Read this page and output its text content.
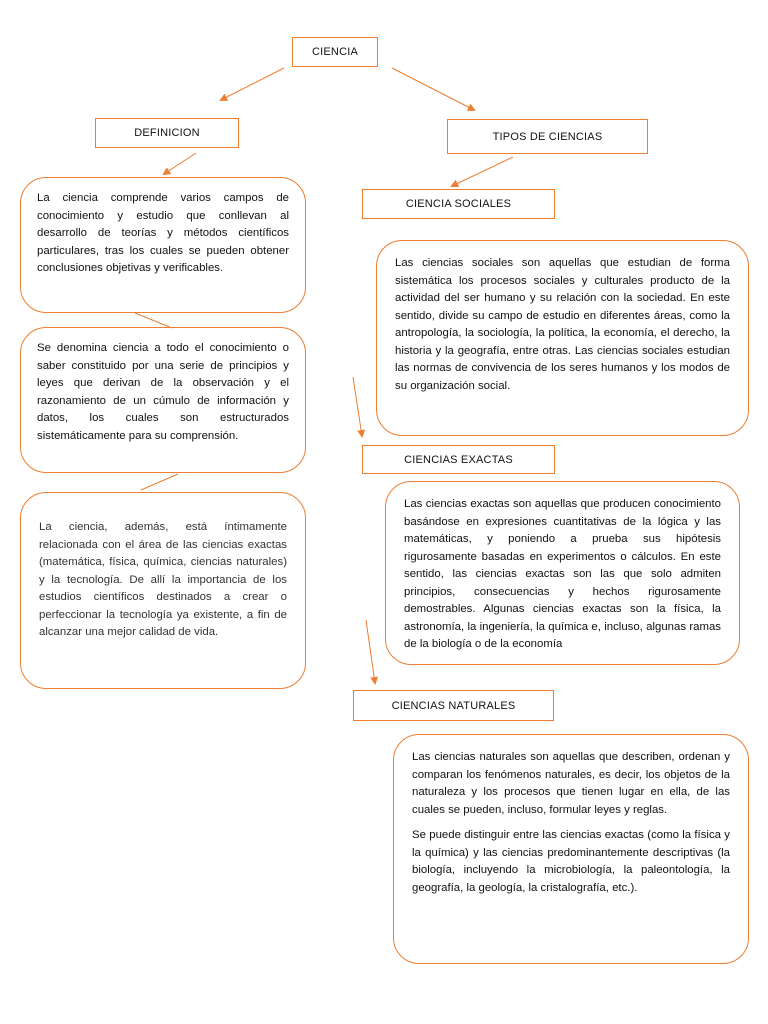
CIENCIA
DEFINICION	TIPOS DE CIENCIAS
CIENCIA SOCIALES
CIENCIAS EXACTAS
CIENCIAS NATURALES

La ciencia comprende varios campos de conocimiento y estudio que conllevan al desarrollo de teorías y métodos científicos particulares, tras los cuales se pueden obtener conclusiones objetivas y verificables.

Se denomina ciencia a todo el conocimiento o saber constituido por una serie de principios y leyes que derivan de la observación y el razonamiento de un cúmulo de información y datos, los cuales son estructurados sistemáticamente para su comprensión.

La ciencia, además, está íntimamente relacionada con el área de las ciencias exactas (matemática, física, química, ciencias naturales) y la tecnología. De allí la importancia de los estudios científicos destinados a crear o perfeccionar la tecnología ya existente, a fin de alcanzar una mejor calidad de vida.

Las ciencias sociales son aquellas que estudian de forma sistemática los procesos sociales y culturales producto de la actividad del ser humano y su relación con la sociedad. En este sentido, divide su campo de estudio en diferentes áreas, como la antropología, la sociología, la política, la economía, el derecho, la historia y la geografía, entre otras. Las ciencias sociales estudian las normas de convivencia de los seres humanos y los modos de su organización social.

Las ciencias exactas son aquellas que producen conocimiento basándose en expresiones cuantitativas de la lógica y las matemáticas, y poniendo a prueba sus hipótesis rigurosamente basadas en experimentos o cálculos. En este sentido, las ciencias exactas son las que solo admiten principios, consecuencias y hechos rigurosamente demostrables. Algunas ciencias exactas son la física, la astronomía, la ingeniería, la química e, incluso, algunas ramas de la biología o de la economía

Las ciencias naturales son aquellas que describen, ordenan y comparan los fenómenos naturales, es decir, los objetos de la naturaleza y los procesos que tienen lugar en ella, de las cuales se pueden, incluso, formular leyes y reglas.

Se puede distinguir entre las ciencias exactas (como la física y la química) y las ciencias predominantemente descriptivas (la biología, incluyendo la microbiología, la paleontología, la geografía, la geología, la cristalografía, etc.).
